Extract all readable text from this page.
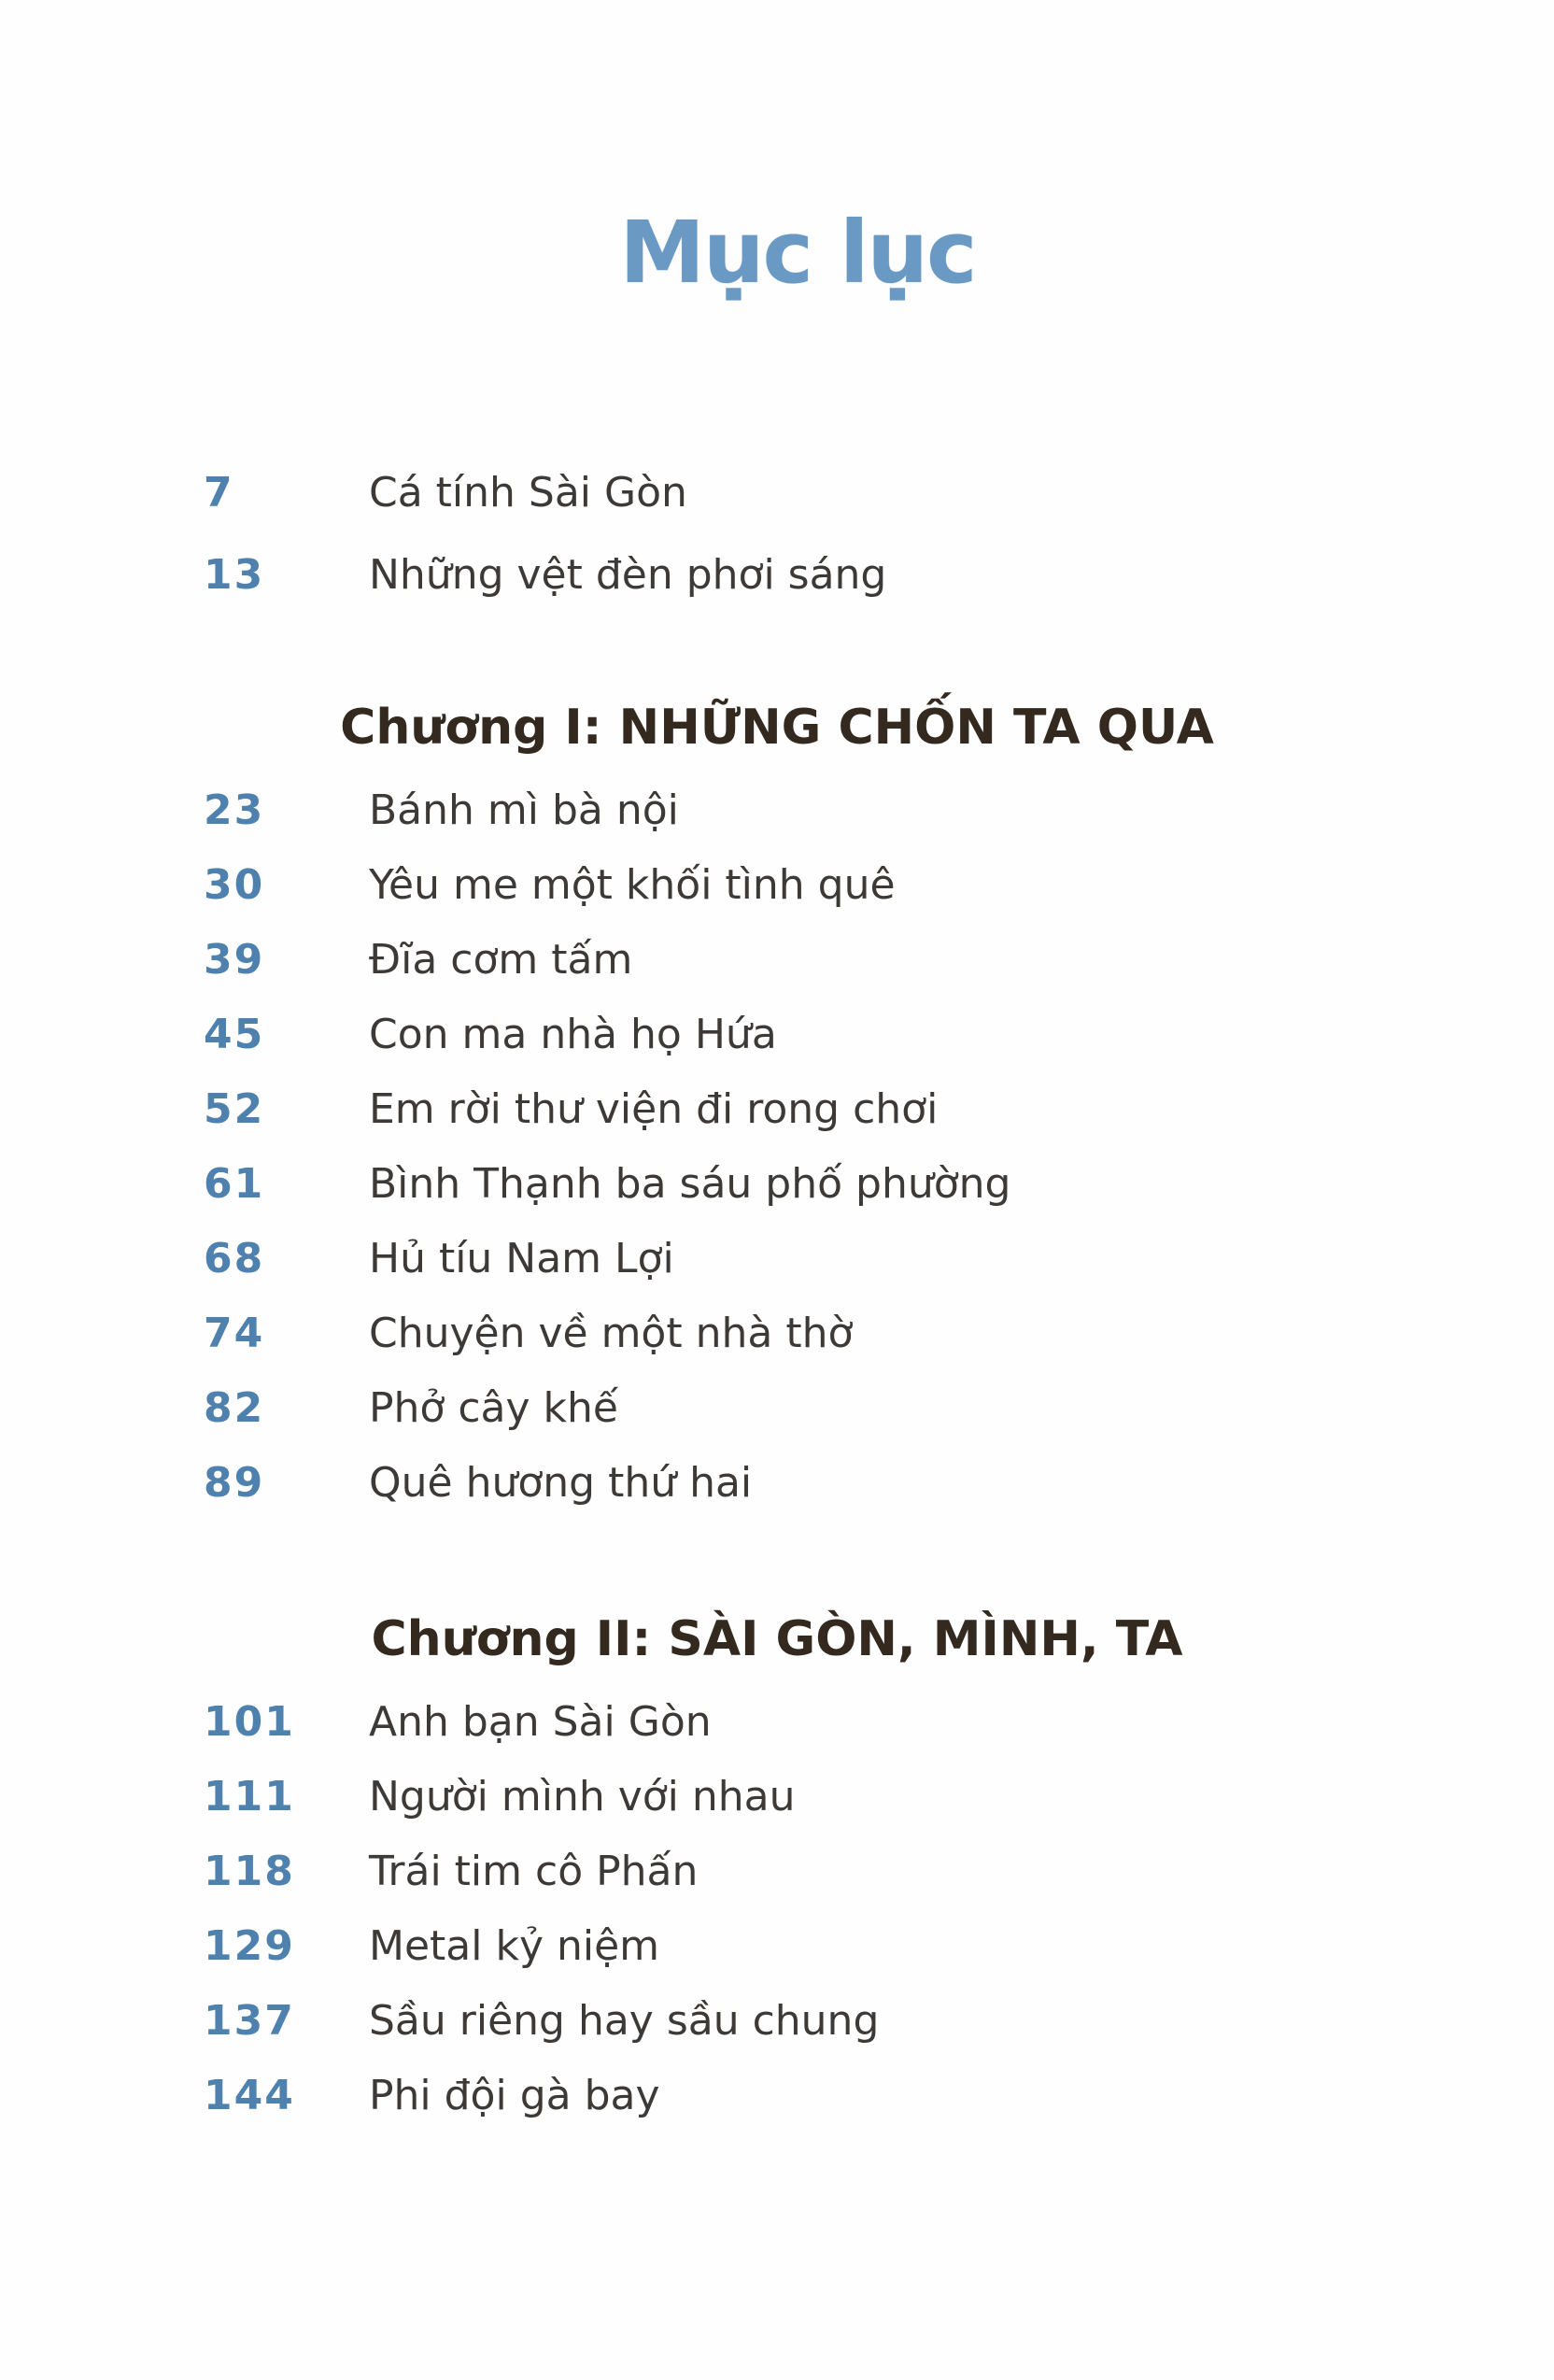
Mục lục
7	Cá tính Sài Gòn
13	Những vệt đèn phơi sáng
Chương I: NHỮNG CHỐN TA QUA
23	Bánh mì bà nội
30	Yêu me một khối tình quê
39	Đĩa cơm tấm
45	Con ma nhà họ Hứa
52	Em rời thư viện đi rong chơi
61	Bình Thạnh ba sáu phố phường
68	Hủ tíu Nam Lợi
74	Chuyện về một nhà thờ
82	Phở cây khế
89	Quê hương thứ hai
Chương II: SÀI GÒN, MÌNH, TA
101	Anh bạn Sài Gòn
111	Người mình với nhau
118	Trái tim cô Phấn
129	Metal kỷ niệm
137	Sầu riêng hay sầu chung
144	Phi đội gà bay
